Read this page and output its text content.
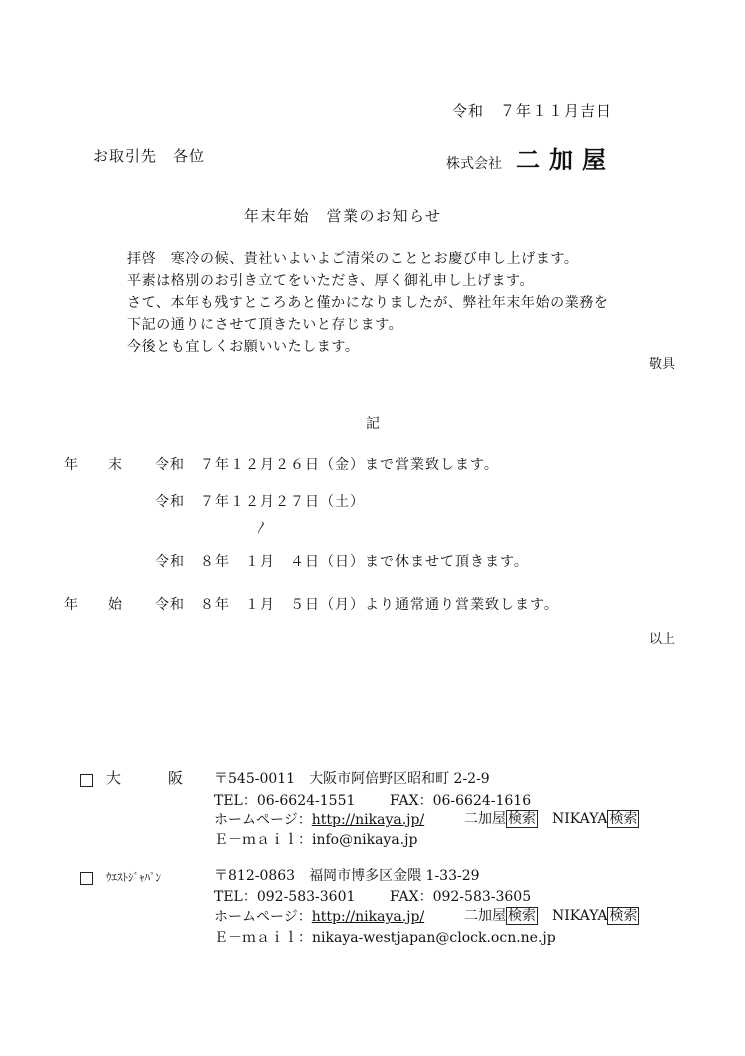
令和　７年１１月吉日
お取引先　各位	株式会社 二加屋
年末年始　営業のお知らせ
拝啓　寒冷の候、貴社いよいよご清栄のこととお慶び申し上げます。
平素は格別のお引き立てをいただき、厚く御礼申し上げます。
さて、本年も残すところあと僅かになりましたが、弊社年末年始の業務を
下記の通りにさせて頂きたいと存じます。
今後とも宜しくお願いいたします。
敬具
記
年 末 令和　７年１２月２６日（金）まで営業致します。
令和　７年１２月２７日（土）
〳
令和　８年　１月　４日（日）まで休ませて頂きます。
年 始 令和　８年　１月　５日（月）より通常通り営業致します。
以上
大	阪 〒545-0011　大阪市阿倍野区昭和町 2-2-9
TEL：06-6624-1551 FAX：06-6624-1616
ホームページ：http://nikaya.jp/	二加屋 検索 NIKAYA 検索
Ｅ－ｍａｉｌ：info@nikaya.jp
ｳｴｽﾄｼﾞｬﾊﾟﾝ	〒812-0863　福岡市博多区金隈 1-33-29
TEL：092-583-3601 FAX：092-583-3605
ホームページ：http://nikaya.jp/	二加屋 検索 NIKAYA 検索
Ｅ－ｍａｉｌ：nikaya-westjapan@clock.ocn.ne.jp
